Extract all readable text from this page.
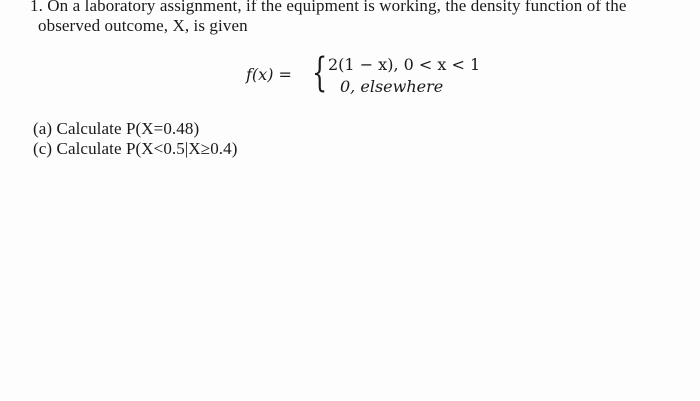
1. On a laboratory assignment, if the equipment is working, the density function of the
observed outcome, X, is given
f(x) = { 2(1 − x), 0 < x < 1
0, elsewhere
(a) Calculate P(X=0.48)
(c) Calculate P(X<0.5|X≥0.4)
